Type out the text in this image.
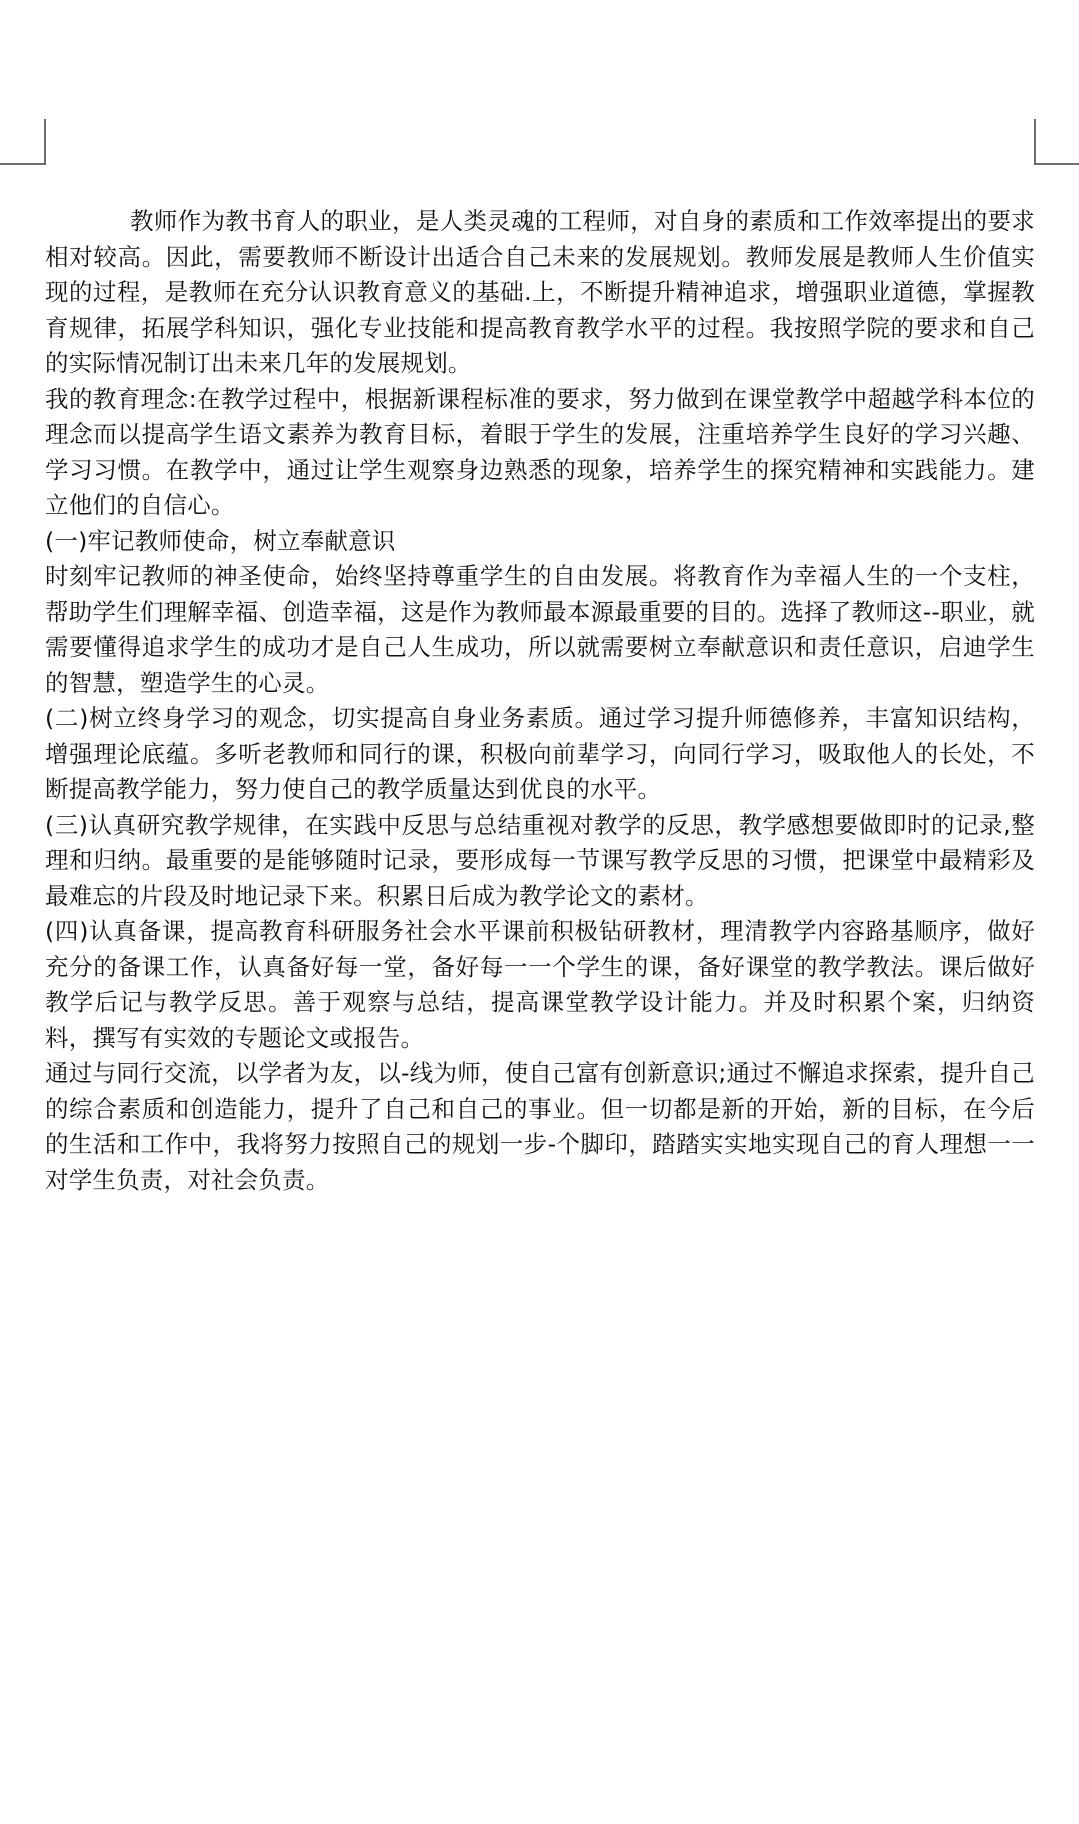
教师作为教书育人的职业，是人类灵魂的工程师，对自身的素质和工作效率提出的要求相对较高。因此，需要教师不断设计出适合自己未来的发展规划。教师发展是教师人生价值实现的过程，是教师在充分认识教育意义的基础.上，不断提升精神追求，增强职业道德，掌握教育规律，拓展学科知识，强化专业技能和提高教育教学水平的过程。我按照学院的要求和自己的实际情况制订出未来几年的发展规划。

我的教育理念:在教学过程中，根据新课程标准的要求，努力做到在课堂教学中超越学科本位的理念而以提高学生语文素养为教育目标，着眼于学生的发展，注重培养学生良好的学习兴趣、学习习惯。在教学中，通过让学生观察身边熟悉的现象，培养学生的探究精神和实践能力。建立他们的自信心。

(一)牢记教师使命，树立奉献意识

时刻牢记教师的神圣使命，始终坚持尊重学生的自由发展。将教育作为幸福人生的一个支柱，帮助学生们理解幸福、创造幸福，这是作为教师最本源最重要的目的。选择了教师这--职业，就需要懂得追求学生的成功才是自己人生成功，所以就需要树立奉献意识和责任意识，启迪学生的智慧，塑造学生的心灵。

(二)树立终身学习的观念，切实提高自身业务素质。通过学习提升师德修养，丰富知识结构，增强理论底蕴。多听老教师和同行的课，积极向前辈学习，向同行学习，吸取他人的长处，不断提高教学能力，努力使自己的教学质量达到优良的水平。

(三)认真研究教学规律，在实践中反思与总结重视对教学的反思，教学感想要做即时的记录,整理和归纳。最重要的是能够随时记录，要形成每一节课写教学反思的习惯，把课堂中最精彩及最难忘的片段及时地记录下来。积累日后成为教学论文的素材。

(四)认真备课，提高教育科研服务社会水平课前积极钻研教材，理清教学内容路基顺序，做好充分的备课工作，认真备好每一堂，备好每一一个学生的课，备好课堂的教学教法。课后做好教学后记与教学反思。善于观察与总结，提高课堂教学设计能力。并及时积累个案，归纳资料，撰写有实效的专题论文或报告。

通过与同行交流，以学者为友，以-线为师，使自己富有创新意识;通过不懈追求探索，提升自己的综合素质和创造能力，提升了自己和自己的事业。但一切都是新的开始，新的目标，在今后的生活和工作中，我将努力按照自己的规划一步-个脚印，踏踏实实地实现自己的育人理想一一对学生负责，对社会负责。
